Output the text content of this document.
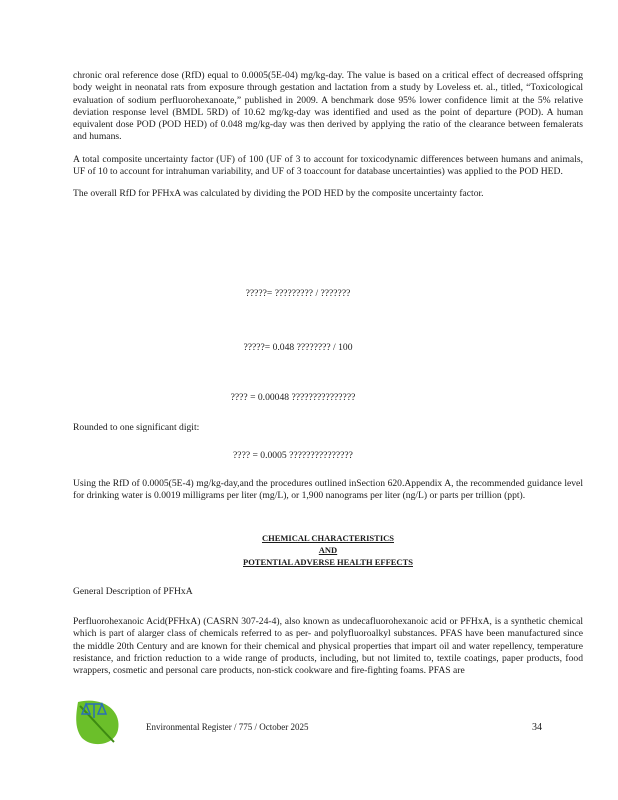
chronic oral reference dose (RfD) equal to 0.0005(5E-04) mg/kg-day. The value is based on a critical effect of decreased offspring body weight in neonatal rats from exposure through gestation and lactation from a study by Loveless et. al., titled, “Toxicological evaluation of sodium perfluorohexanoate,” published in 2009. A benchmark dose 95% lower confidence limit at the 5% relative deviation response level (BMDL 5RD) of 10.62 mg/kg-day was identified and used as the point of departure (POD). A human equivalent dose POD (POD HED) of 0.048 mg/kg-day was then derived by applying the ratio of the clearance between femalerats and humans.

A total composite uncertainty factor (UF) of 100 (UF of 3 to account for toxicodynamic differences between humans and animals, UF of 10 to account for intrahuman variability, and UF of 3 toaccount for database uncertainties) was applied to the POD HED.

The overall RfD for PFHxA was calculated by dividing the POD HED by the composite uncertainty factor.

?????= ????????? / ???????
?????= 0.048 ???????? / 100
???? = 0.00048 ???????????????
Rounded to one significant digit:
???? = 0.0005 ???????????????

Using the RfD of 0.0005(5E-4) mg/kg-day,and the procedures outlined inSection 620.Appendix A, the recommended guidance level for drinking water is 0.0019 milligrams per liter (mg/L), or 1,900 nanograms per liter (ng/L) or parts per trillion (ppt).

CHEMICAL CHARACTERISTICS
AND
POTENTIAL ADVERSE HEALTH EFFECTS
General Description of PFHxA

Perfluorohexanoic Acid(PFHxA) (CASRN 307-24-4), also known as undecafluorohexanoic acid or PFHxA, is a synthetic chemical which is part of alarger class of chemicals referred to as per- and polyfluoroalkyl substances. PFAS have been manufactured since the middle 20th Century and are known for their chemical and physical properties that impart oil and water repellency, temperature resistance, and friction reduction to a wide range of products, including, but not limited to, textile coatings, paper products, food wrappers, cosmetic and personal care products, non-stick cookware and fire-fighting foams. PFAS are

Environmental Register / 775 / October 2025	34
